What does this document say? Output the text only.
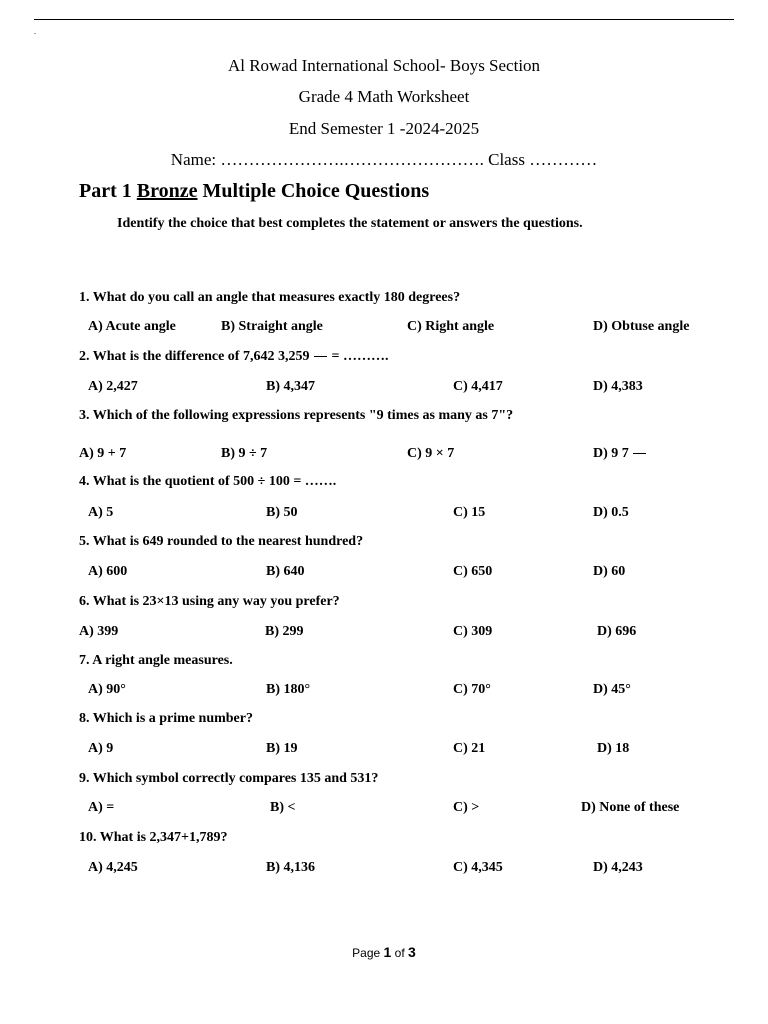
.
Al Rowad International School- Boys Section
Grade 4 Math Worksheet
End Semester 1 -2024-2025
Name: ………………….……………………. Class …………
Part 1 Bronze Multiple Choice Questions
Identify the choice that best completes the statement or answers the questions.
1. What do you call an angle that measures exactly 180 degrees?
A) Acute angle	B) Straight angle	C) Right angle	D) Obtuse angle
2. What is the difference of 7,642 3,259  = ……….
A) 2,427	B) 4,347	C) 4,417	D) 4,383
3. Which of the following expressions represents "9 times as many as 7"?
A) 9 + 7	B) 9 ÷ 7	C) 9 × 7	D) 9 7
4. What is the quotient of 500 ÷ 100 = …….
A) 5	B) 50	C) 15	D) 0.5
5. What is 649 rounded to the nearest hundred?
A) 600	B) 640	C) 650	D) 60
6. What is 23×13 using any way you prefer?
A) 399	B) 299	C) 309	D) 696
7. A right angle measures.
A) 90°	B) 180°	C) 70°	D) 45°
8. Which is a prime number?
A) 9	B) 19	C) 21	D) 18
9. Which symbol correctly compares 135 and 531?
A) =	B) <	C) >	D) None of these
10. What is 2,347+1,789?
A) 4,245	B) 4,136	C) 4,345	D) 4,243
Page 1 of 3
